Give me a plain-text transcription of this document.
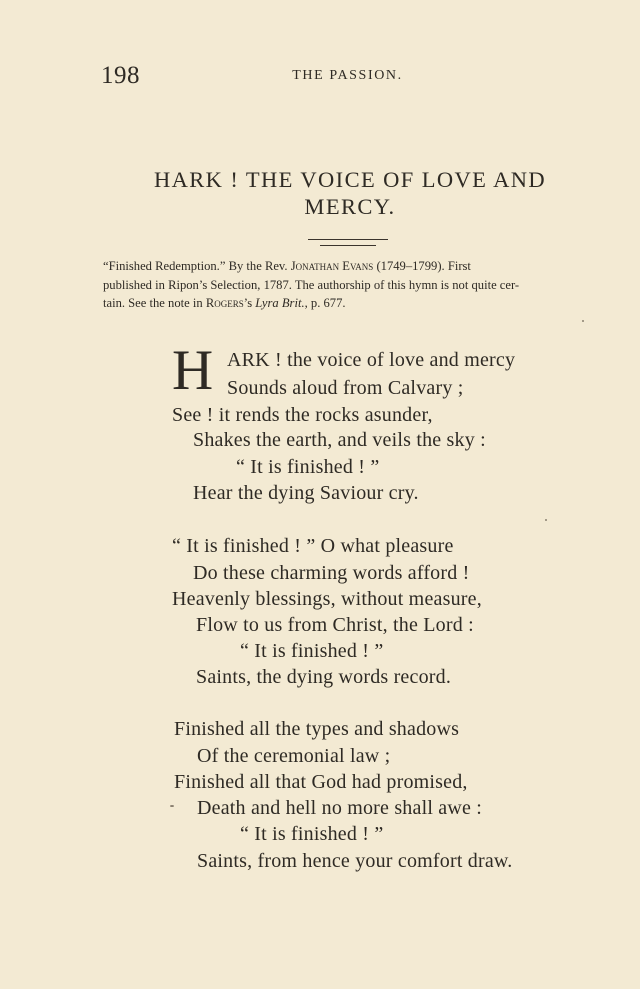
198	THE PASSION.
HARK ! THE VOICE OF LOVE AND
MERCY.
“Finished Redemption.” By the Rev. Jonathan Evans (1749–1799). First
published in Ripon’s Selection, 1787. The authorship of this hymn is not quite cer-
tain. See the note in Rogers’s Lyra Brit., p. 677.
H ARK ! the voice of love and mercy
Sounds aloud from Calvary ;
See ! it rends the rocks asunder,
Shakes the earth, and veils the sky :
“ It is finished ! ”
Hear the dying Saviour cry.
“ It is finished ! ” O what pleasure
Do these charming words afford !
Heavenly blessings, without measure,
Flow to us from Christ, the Lord :
“ It is finished ! ”
Saints, the dying words record.
Finished all the types and shadows
Of the ceremonial law ;
Finished all that God had promised,
Death and hell no more shall awe :
“ It is finished ! ”
Saints, from hence your comfort draw.
